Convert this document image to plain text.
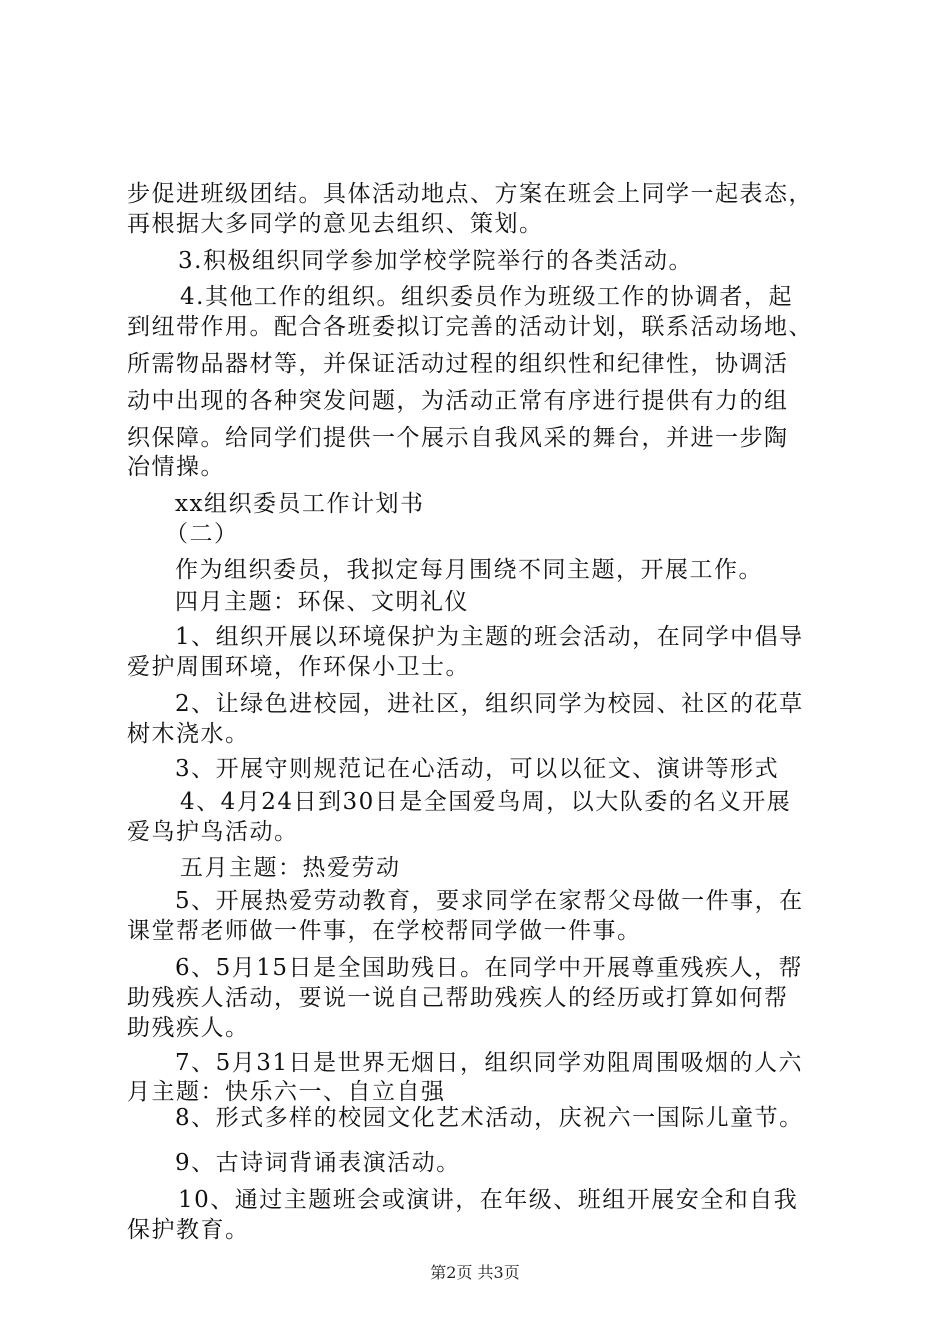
步促进班级团结。具体活动地点、方案在班会上同学一起表态，
再根据大多同学的意见去组织、策划。
3.积极组织同学参加学校学院举行的各类活动。
4.其他工作的组织。组织委员作为班级工作的协调者，起
到纽带作用。配合各班委拟订完善的活动计划，联系活动场地、
所需物品器材等，并保证活动过程的组织性和纪律性，协调活
动中出现的各种突发问题，为活动正常有序进行提供有力的组
织保障。给同学们提供一个展示自我风采的舞台，并进一步陶
冶情操。
xx组织委员工作计划书
（二）
作为组织委员，我拟定每月围绕不同主题，开展工作。
四月主题：环保、文明礼仪
1、组织开展以环境保护为主题的班会活动，在同学中倡导
爱护周围环境，作环保小卫士。
2、让绿色进校园，进社区，组织同学为校园、社区的花草
树木浇水。
3、开展守则规范记在心活动，可以以征文、演讲等形式
4、4月24日到30日是全国爱鸟周，以大队委的名义开展
爱鸟护鸟活动。
五月主题：热爱劳动
5、开展热爱劳动教育，要求同学在家帮父母做一件事，在
课堂帮老师做一件事，在学校帮同学做一件事。
6、5月15日是全国助残日。在同学中开展尊重残疾人，帮
助残疾人活动，要说一说自己帮助残疾人的经历或打算如何帮
助残疾人。
7、5月31日是世界无烟日，组织同学劝阻周围吸烟的人六
月主题：快乐六一、自立自强
8、形式多样的校园文化艺术活动，庆祝六一国际儿童节。
9、古诗词背诵表演活动。
10、通过主题班会或演讲，在年级、班组开展安全和自我
保护教育。
第2页 共3页
